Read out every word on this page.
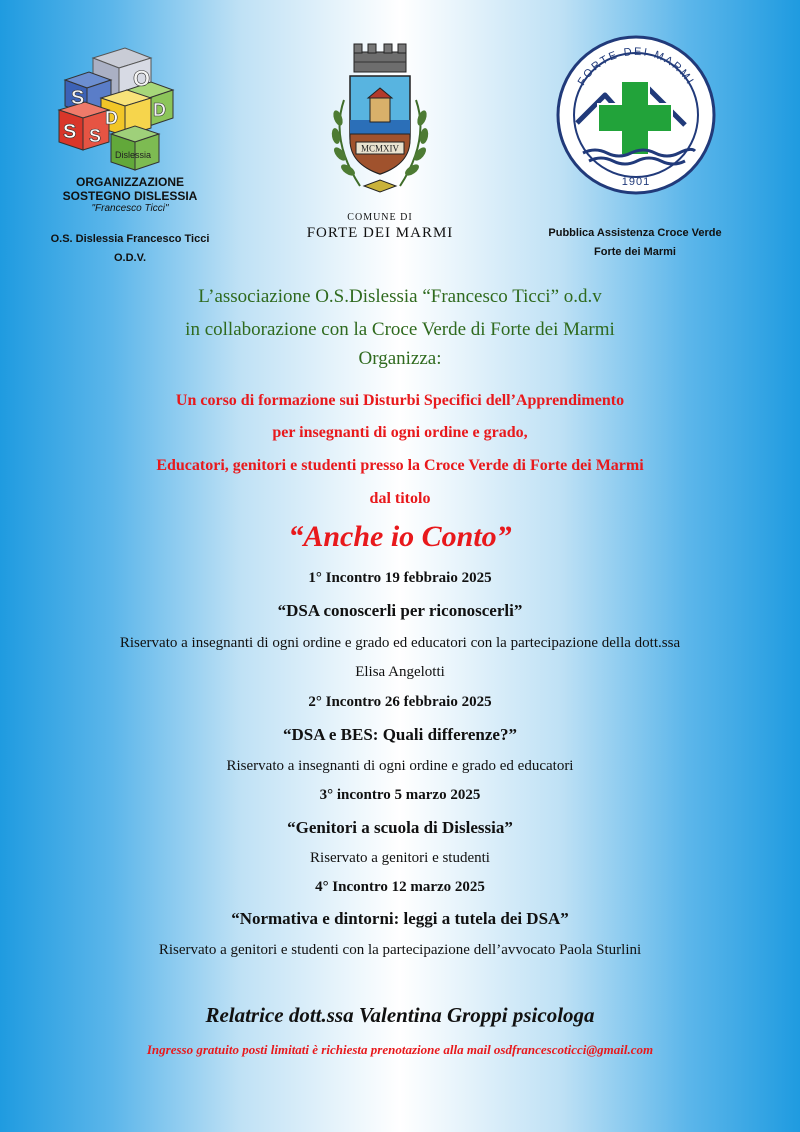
O
S
D
D
S S
Dislessia
ORGANIZZAZIONE
SOSTEGNO DISLESSIA
"Francesco Ticci"
O.S. Dislessia Francesco Ticci
O.D.V.
MCMXIV
COMUNE DI
FORTE DEI MARMI
FORTE DEI MARMI
1901
Pubblica Assistenza Croce Verde
Forte dei Marmi
L’associazione O.S.Dislessia “Francesco Ticci” o.d.v
in collaborazione con la Croce Verde di Forte dei Marmi
Organizza:
Un corso di formazione sui Disturbi Specifici dell’Apprendimento
per insegnanti di ogni ordine e grado,
Educatori, genitori e studenti presso la Croce Verde di Forte dei Marmi
dal titolo
“Anche io Conto”
1° Incontro 19 febbraio 2025
“DSA conoscerli per riconoscerli”
Riservato a insegnanti di ogni ordine e grado ed educatori con la partecipazione della dott.ssa
Elisa Angelotti
2° Incontro 26 febbraio 2025
“DSA e BES: Quali differenze?”
Riservato a insegnanti di ogni ordine e grado ed educatori
3° incontro 5 marzo 2025
“Genitori a scuola di Dislessia”
Riservato a genitori e studenti
4° Incontro 12 marzo 2025
“Normativa e dintorni: leggi a tutela dei DSA”
Riservato a genitori e studenti con la partecipazione dell’avvocato Paola Sturlini
Relatrice dott.ssa Valentina Groppi psicologa
Ingresso gratuito posti limitati è richiesta prenotazione alla mail osdfrancescoticci@gmail.com
